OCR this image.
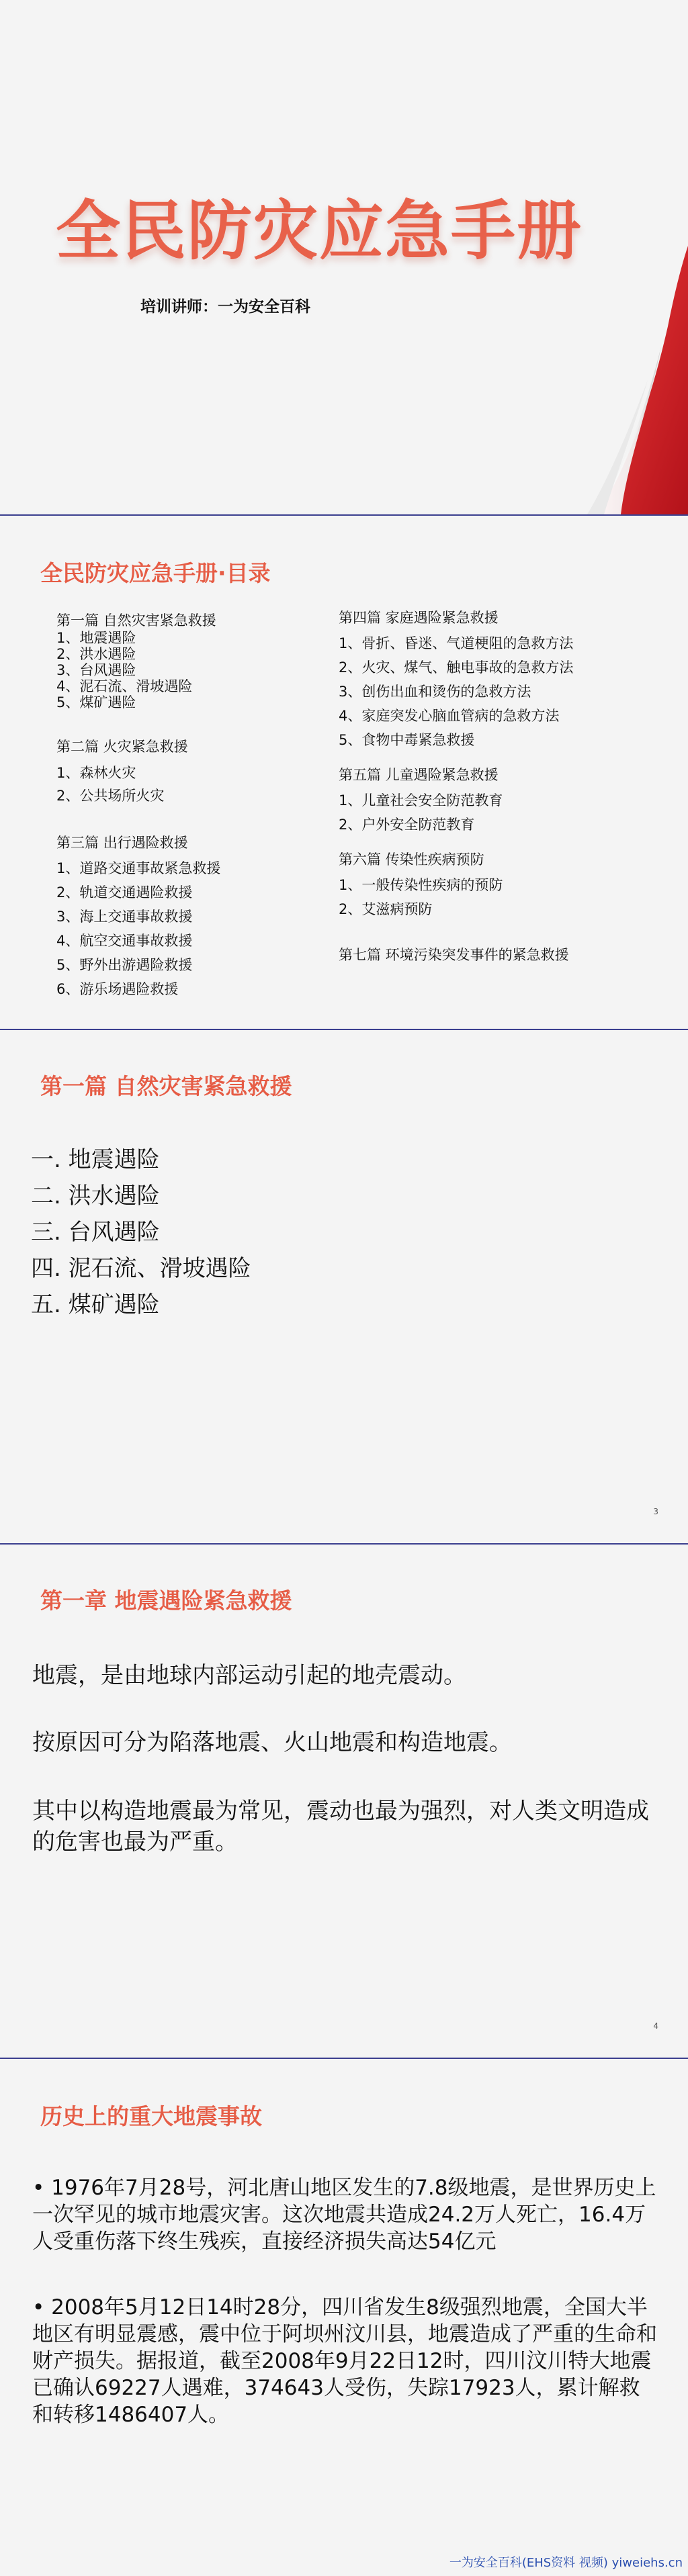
全民防灾应急手册
培训讲师：一为安全百科
全民防灾应急手册·目录
第一篇 自然灾害紧急救援
1、地震遇险
2、洪水遇险
3、台风遇险
4、泥石流、滑坡遇险
5、煤矿遇险
第二篇 火灾紧急救援
1、森林火灾
2、公共场所火灾
第三篇 出行遇险救援
1、道路交通事故紧急救援
2、轨道交通遇险救援
3、海上交通事故救援
4、航空交通事故救援
5、野外出游遇险救援
6、游乐场遇险救援
第四篇 家庭遇险紧急救援
1、骨折、昏迷、气道梗阻的急救方法
2、火灾、煤气、触电事故的急救方法
3、创伤出血和烫伤的急救方法
4、家庭突发心脑血管病的急救方法
5、食物中毒紧急救援
第五篇 儿童遇险紧急救援
1、儿童社会安全防范教育
2、户外安全防范教育
第六篇 传染性疾病预防
1、一般传染性疾病的预防
2、艾滋病预防
第七篇 环境污染突发事件的紧急救援
第一篇 自然灾害紧急救援
一. 地震遇险
二. 洪水遇险
三. 台风遇险
四. 泥石流、滑坡遇险
五. 煤矿遇险
3
第一章 地震遇险紧急救援
地震，是由地球内部运动引起的地壳震动。
按原因可分为陷落地震、火山地震和构造地震。
其中以构造地震最为常见，震动也最为强烈，对人类文明造成的危害也最为严重。
4
历史上的重大地震事故
• 1976年7月28号，河北唐山地区发生的7.8级地震，是世界历史上一次罕见的城市地震灾害。这次地震共造成24.2万人死亡，16.4万人受重伤落下终生残疾，直接经济损失高达54亿元
• 2008年5月12日14时28分，四川省发生8级强烈地震，全国大半地区有明显震感，震中位于阿坝州汶川县，地震造成了严重的生命和财产损失。据报道，截至2008年9月22日12时，四川汶川特大地震已确认69227人遇难，374643人受伤，失踪17923人，累计解救和转移1486407人。
一为安全百科(EHS资料 视频) yiweiehs.cn
